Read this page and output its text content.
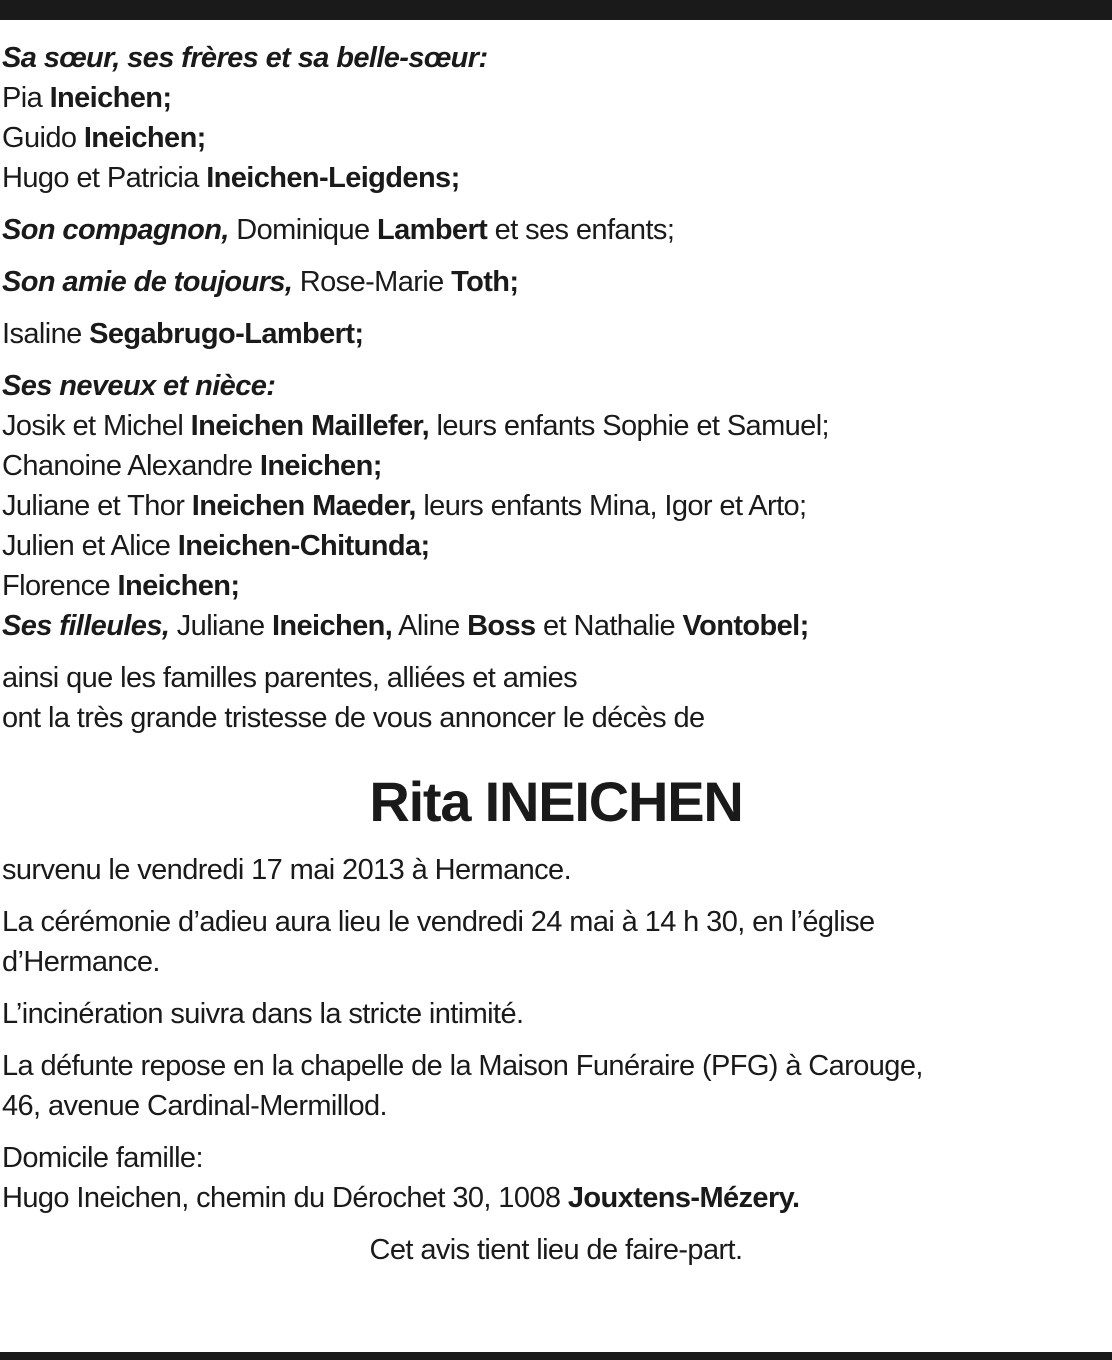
Sa sœur, ses frères et sa belle-sœur:
Pia Ineichen;
Guido Ineichen;
Hugo et Patricia Ineichen-Leigdens;
Son compagnon, Dominique Lambert et ses enfants;
Son amie de toujours, Rose-Marie Toth;
Isaline Segabrugo-Lambert;
Ses neveux et nièce:
Josik et Michel Ineichen Maillefer, leurs enfants Sophie et Samuel;
Chanoine Alexandre Ineichen;
Juliane et Thor Ineichen Maeder, leurs enfants Mina, Igor et Arto;
Julien et Alice Ineichen-Chitunda;
Florence Ineichen;
Ses filleules, Juliane Ineichen, Aline Boss et Nathalie Vontobel;
ainsi que les familles parentes, alliées et amies
ont la très grande tristesse de vous annoncer le décès de
Rita INEICHEN
survenu le vendredi 17 mai 2013 à Hermance.
La cérémonie d’adieu aura lieu le vendredi 24 mai à 14 h 30, en l’église
d’Hermance.
L’incinération suivra dans la stricte intimité.
La défunte repose en la chapelle de la Maison Funéraire (PFG) à Carouge,
46, avenue Cardinal-Mermillod.
Domicile famille:
Hugo Ineichen, chemin du Dérochet 30, 1008 Jouxtens-Mézery.
Cet avis tient lieu de faire-part.
